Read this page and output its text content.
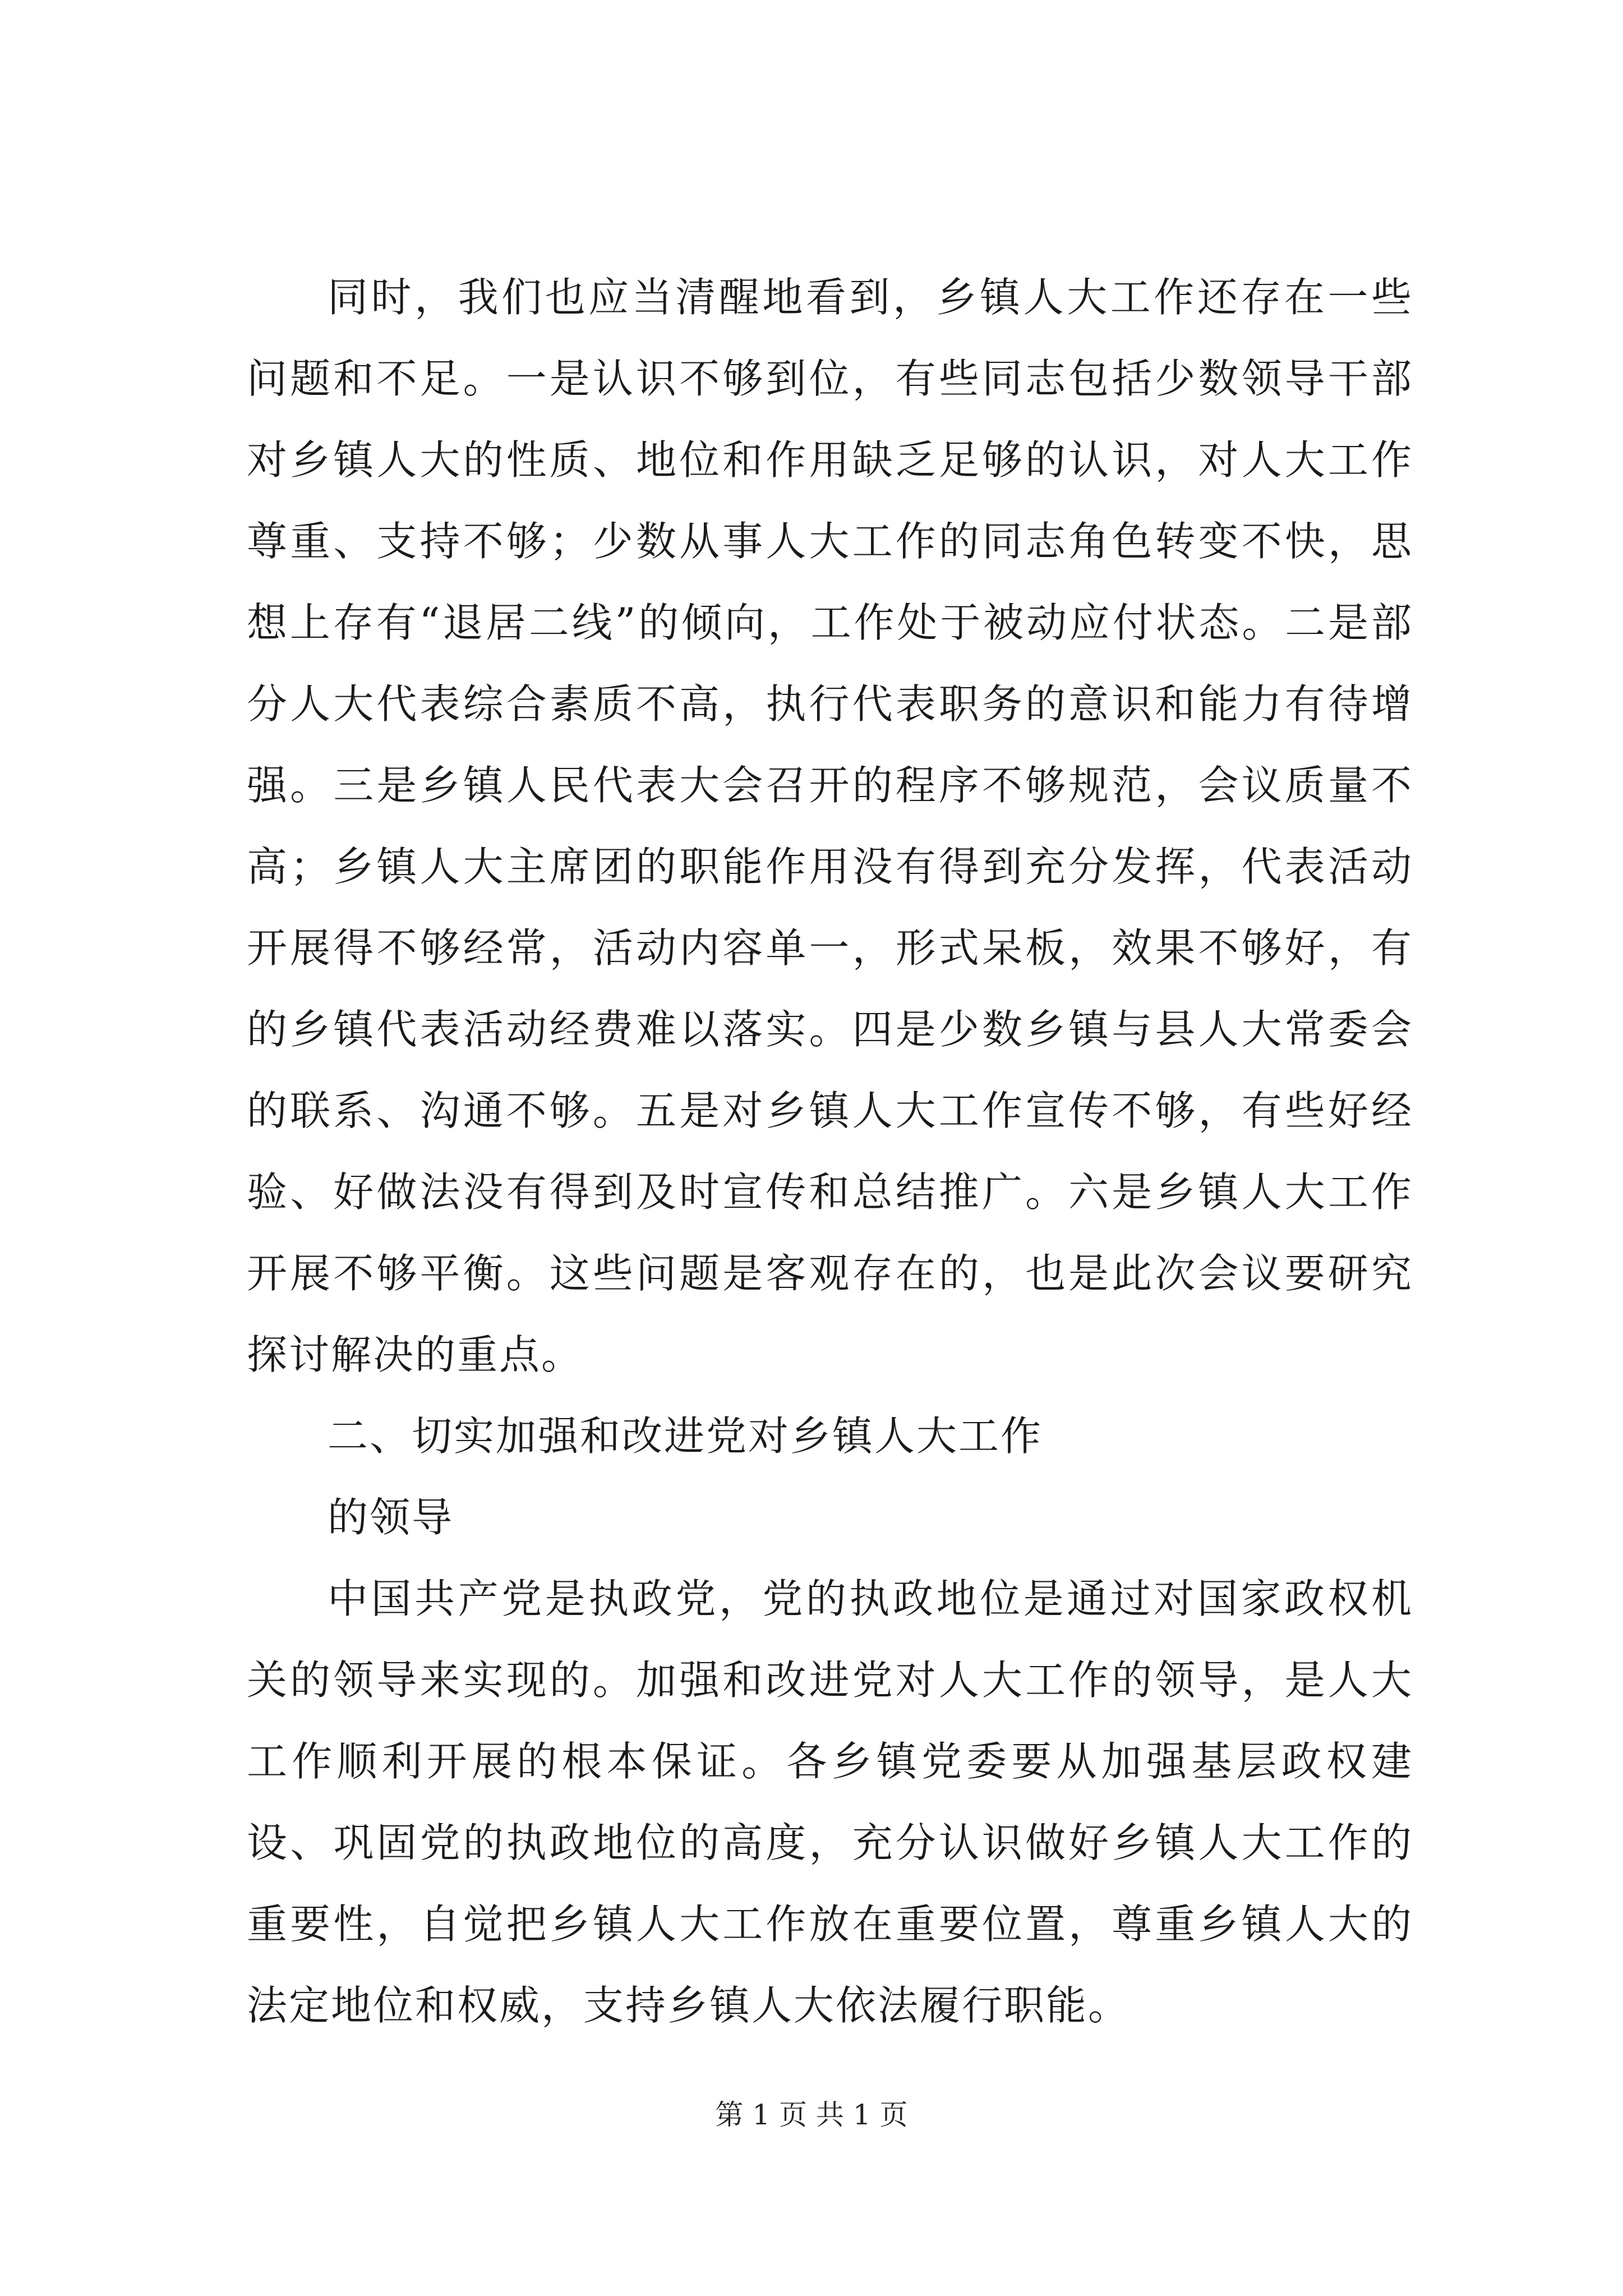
同时，我们也应当清醒地看到，乡镇人大工作还存在一些问题和不足。一是认识不够到位，有些同志包括少数领导干部对乡镇人大的性质、地位和作用缺乏足够的认识，对人大工作尊重、支持不够；少数从事人大工作的同志角色转变不快，思想上存有“退居二线”的倾向，工作处于被动应付状态。二是部分人大代表综合素质不高，执行代表职务的意识和能力有待增强。三是乡镇人民代表大会召开的程序不够规范，会议质量不高；乡镇人大主席团的职能作用没有得到充分发挥，代表活动开展得不够经常，活动内容单一，形式呆板，效果不够好，有的乡镇代表活动经费难以落实。四是少数乡镇与县人大常委会的联系、沟通不够。五是对乡镇人大工作宣传不够，有些好经验、好做法没有得到及时宣传和总结推广。六是乡镇人大工作开展不够平衡。这些问题是客观存在的，也是此次会议要研究探讨解决的重点。

二、切实加强和改进党对乡镇人大工作

的领导

中国共产党是执政党，党的执政地位是通过对国家政权机关的领导来实现的。加强和改进党对人大工作的领导，是人大工作顺利开展的根本保证。各乡镇党委要从加强基层政权建设、巩固党的执政地位的高度，充分认识做好乡镇人大工作的重要性，自觉把乡镇人大工作放在重要位置，尊重乡镇人大的法定地位和权威，支持乡镇人大依法履行职能。

第 1 页 共 1 页
